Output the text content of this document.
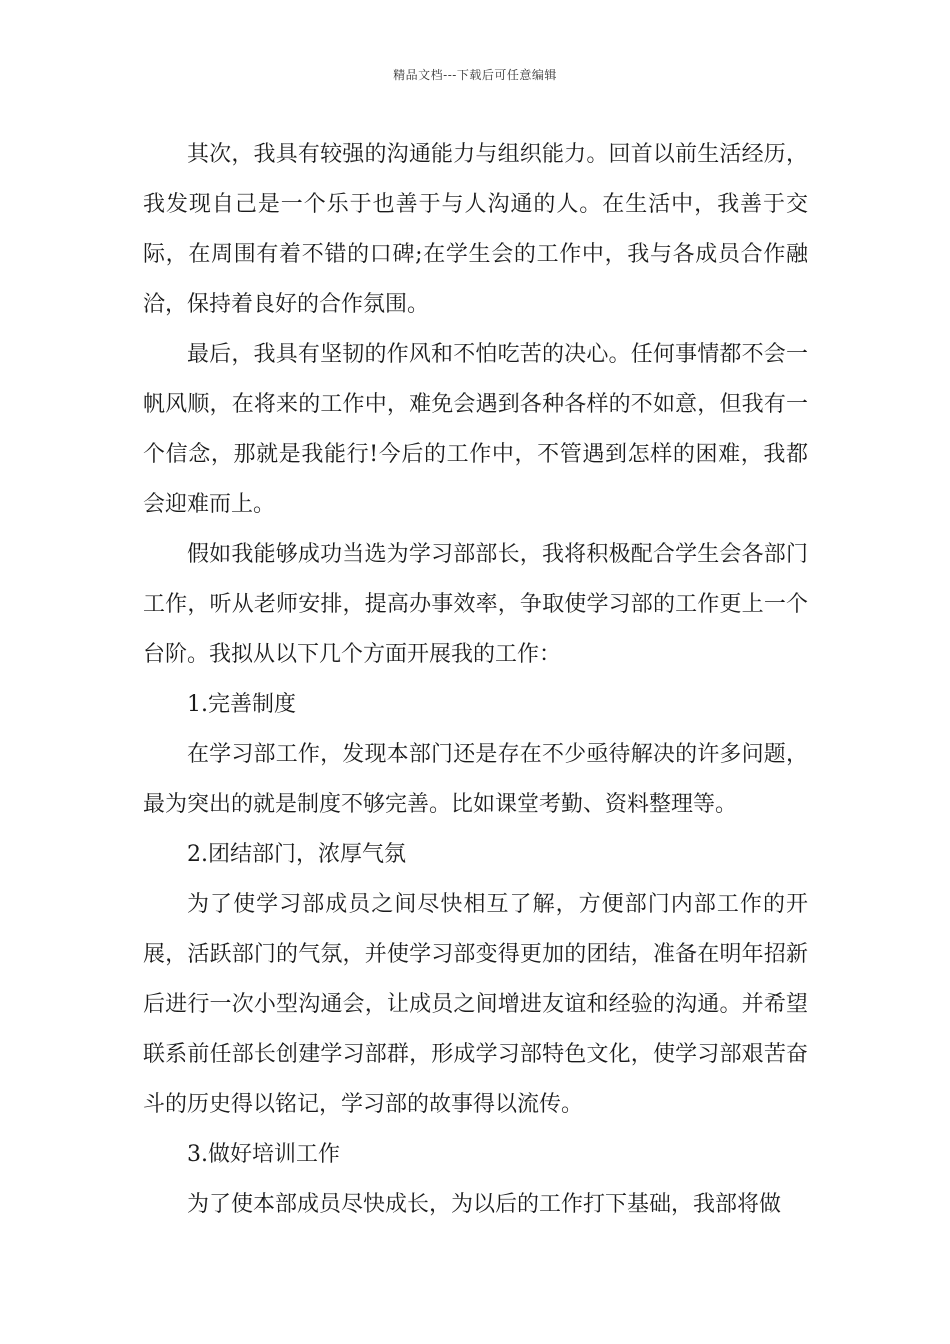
精品文档---下载后可任意编辑

其次，我具有较强的沟通能力与组织能力。回首以前生活经历，我发现自己是一个乐于也善于与人沟通的人。在生活中，我善于交际，在周围有着不错的口碑;在学生会的工作中，我与各成员合作融洽，保持着良好的合作氛围。

最后，我具有坚韧的作风和不怕吃苦的决心。任何事情都不会一帆风顺，在将来的工作中，难免会遇到各种各样的不如意，但我有一个信念，那就是我能行!今后的工作中，不管遇到怎样的困难，我都会迎难而上。

假如我能够成功当选为学习部部长，我将积极配合学生会各部门工作，听从老师安排，提高办事效率，争取使学习部的工作更上一个台阶。我拟从以下几个方面开展我的工作：

1.完善制度

在学习部工作，发现本部门还是存在不少亟待解决的许多问题，最为突出的就是制度不够完善。比如课堂考勤、资料整理等。

2.团结部门，浓厚气氛

为了使学习部成员之间尽快相互了解，方便部门内部工作的开展，活跃部门的气氛，并使学习部变得更加的团结，准备在明年招新后进行一次小型沟通会，让成员之间增进友谊和经验的沟通。并希望联系前任部长创建学习部群，形成学习部特色文化，使学习部艰苦奋斗的历史得以铭记，学习部的故事得以流传。

3.做好培训工作

为了使本部成员尽快成长，为以后的工作打下基础，我部将做
